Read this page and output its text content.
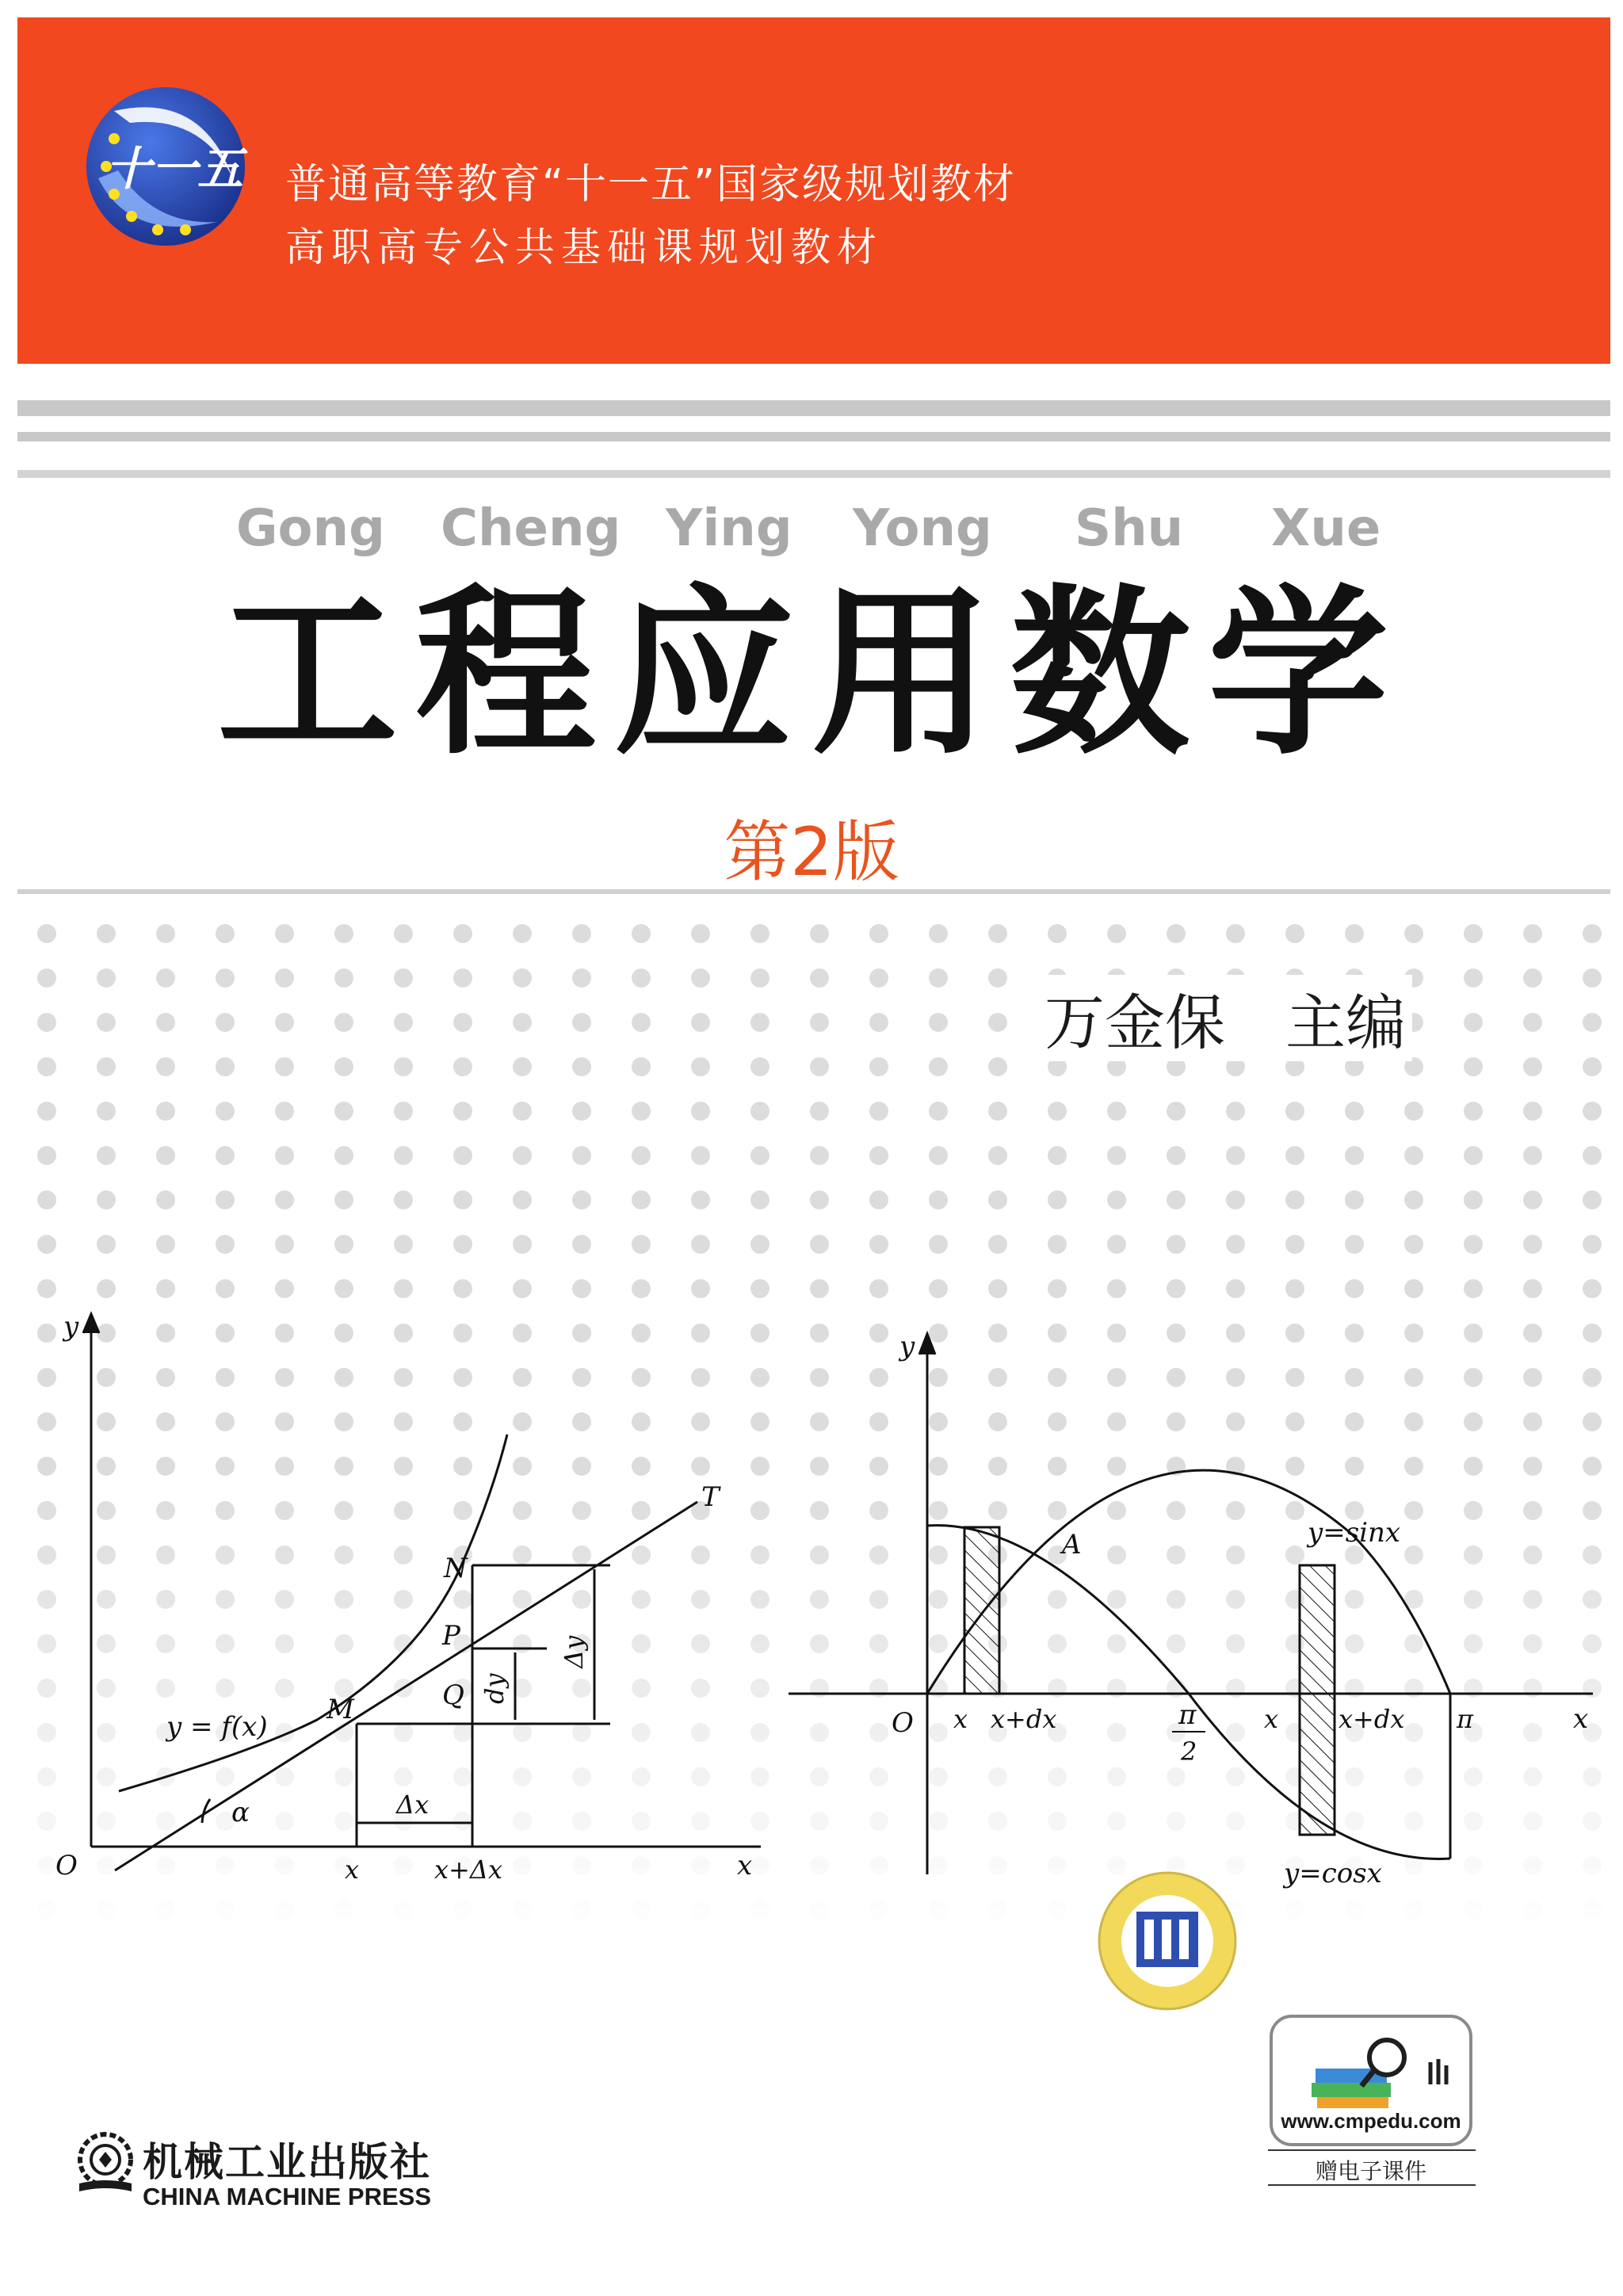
十一五 普通高等教育“十一五”国家级规划教材
高职高专公共基础课规划教材
Gong Cheng Ying Yong Shu Xue
工程应用数学
第2版
万金保　主编
y
x
O
T
N
P
Q
M
y = f(x)
α	Δx
x	x+Δx
dy
Δy
y
x
O
A	y=sinx
y=cosx
x x+dx	π
2
x x+dx π
www.cmpedu.com
赠电子课件
机械工业出版社
CHINA MACHINE PRESS
